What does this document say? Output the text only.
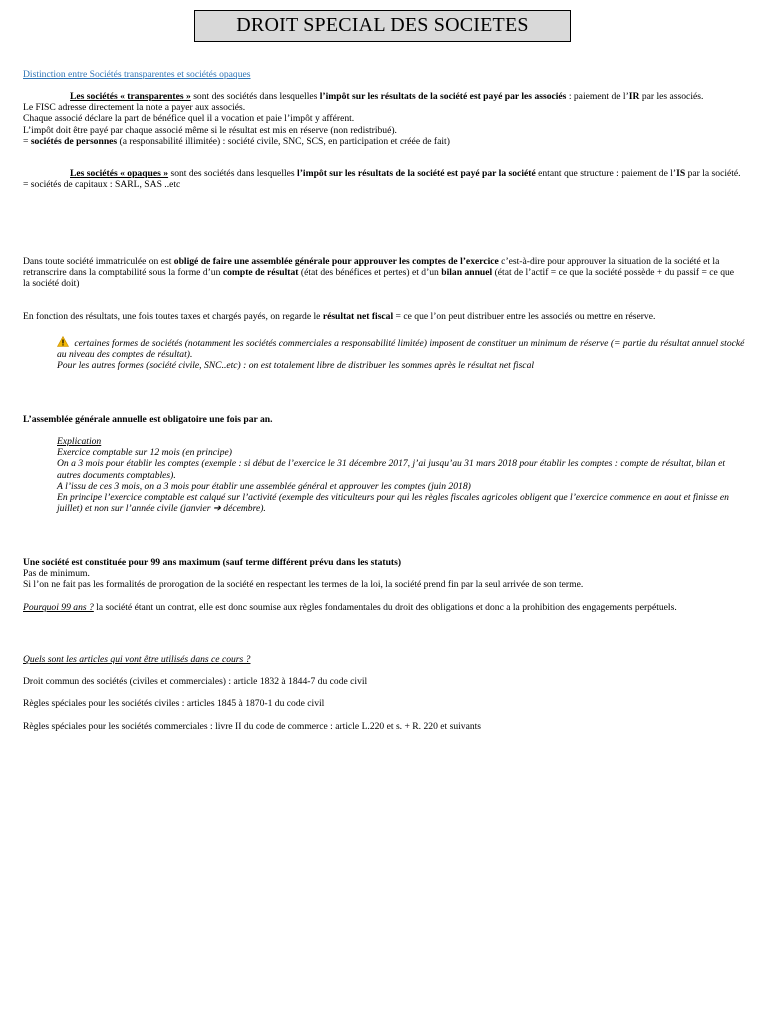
DROIT SPECIAL DES SOCIETES
Distinction entre Sociétés transparentes et sociétés opaques

Les sociétés « transparentes » sont des sociétés dans lesquelles l’impôt sur les résultats de la société est payé par les associés : paiement de l’IR par les associés.

Le FISC adresse directement la note a payer aux associés.

Chaque associé déclare la part de bénéfice quel il a vocation et paie l’impôt y afférent.

L’impôt doit être payé par chaque associé même si le résultat est mis en réserve (non redistribué).

= sociétés de personnes (a responsabilité illimitée) : société civile, SNC, SCS, en participation et créée de fait)

Les sociétés « opaques » sont des sociétés dans lesquelles l’impôt sur les résultats de la société est payé par la société entant que structure : paiement de l’IS par la société.

= sociétés de capitaux : SARL, SAS ..etc

Dans toute société immatriculée on est obligé de faire une assemblée générale pour approuver les comptes de l’exercice c’est-à-dire pour approuver la situation de la société et la retranscrire dans la comptabilité sous la forme d’un compte de résultat (état des bénéfices et pertes) et d’un bilan annuel (état de l’actif = ce que la société possède + du passif = ce que la société doit)

En fonction des résultats, une fois toutes taxes et chargés payés, on regarde le résultat net fiscal = ce que l’on peut distribuer entre les associés ou mettre en réserve.

certaines formes de sociétés (notamment les sociétés commerciales a responsabilité limitée) imposent de constituer un minimum de réserve (= partie du résultat annuel stocké au niveau des comptes de résultat).

Pour les autres formes (société civile, SNC..etc) : on est totalement libre de distribuer les sommes après le résultat net fiscal

L’assemblée générale annuelle est obligatoire une fois par an.

Explication

Exercice comptable sur 12 mois (en principe)

On a 3 mois pour établir les comptes (exemple : si début de l’exercice le 31 décembre 2017, j’ai jusqu’au 31 mars 2018 pour établir les comptes : compte de résultat, bilan et autres documents comptables).

A l’issu de ces 3 mois, on a 3 mois pour établir une assemblée général et approuver les comptes (juin 2018)

En principe l’exercice comptable est calqué sur l’activité (exemple des viticulteurs pour qui les règles fiscales agricoles obligent que l’exercice commence en aout et finisse en juillet) et non sur l’année civile (janvier ➔ décembre).

Une société est constituée pour 99 ans maximum (sauf terme différent prévu dans les statuts)

Pas de minimum.

Si l’on ne fait pas les formalités de prorogation de la société en respectant les termes de la loi, la société prend fin par la seul arrivée de son terme.

Pourquoi 99 ans ? la société étant un contrat, elle est donc soumise aux règles fondamentales du droit des obligations et donc a la prohibition des engagements perpétuels.

Quels sont les articles qui vont être utilisés dans ce cours ?

Droit commun des sociétés (civiles et commerciales) : article 1832 à 1844-7 du code civil

Règles spéciales pour les sociétés civiles : articles 1845 à 1870-1 du code civil

Règles spéciales pour les sociétés commerciales : livre II du code de commerce : article L.220 et s. + R. 220 et suivants
